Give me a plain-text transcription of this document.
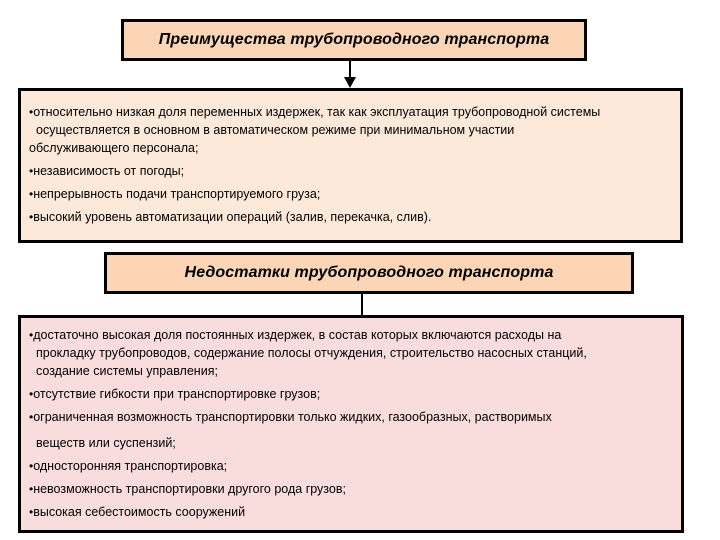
Преимущества трубопроводного транспорта
•относительно низкая доля переменных издержек, так как эксплуатация трубопроводной системы
осуществляется в основном в автоматическом режиме при минимальном участии
обслуживающего персонала;
•независимость от погоды;
•непрерывность подачи транспортируемого груза;
•высокий уровень автоматизации операций (залив, перекачка, слив).
Недостатки трубопроводного транспорта
•достаточно высокая доля постоянных издержек, в состав которых включаются расходы на
прокладку трубопроводов, содержание полосы отчуждения, строительство насосных станций,
создание системы управления;
•отсутствие гибкости при транспортировке грузов;
•ограниченная возможность транспортировки только жидких, газообразных, растворимых
веществ или суспензий;
•односторонняя транспортировка;
•невозможность транспортировки другого рода грузов;
•высокая себестоимость сооружений
